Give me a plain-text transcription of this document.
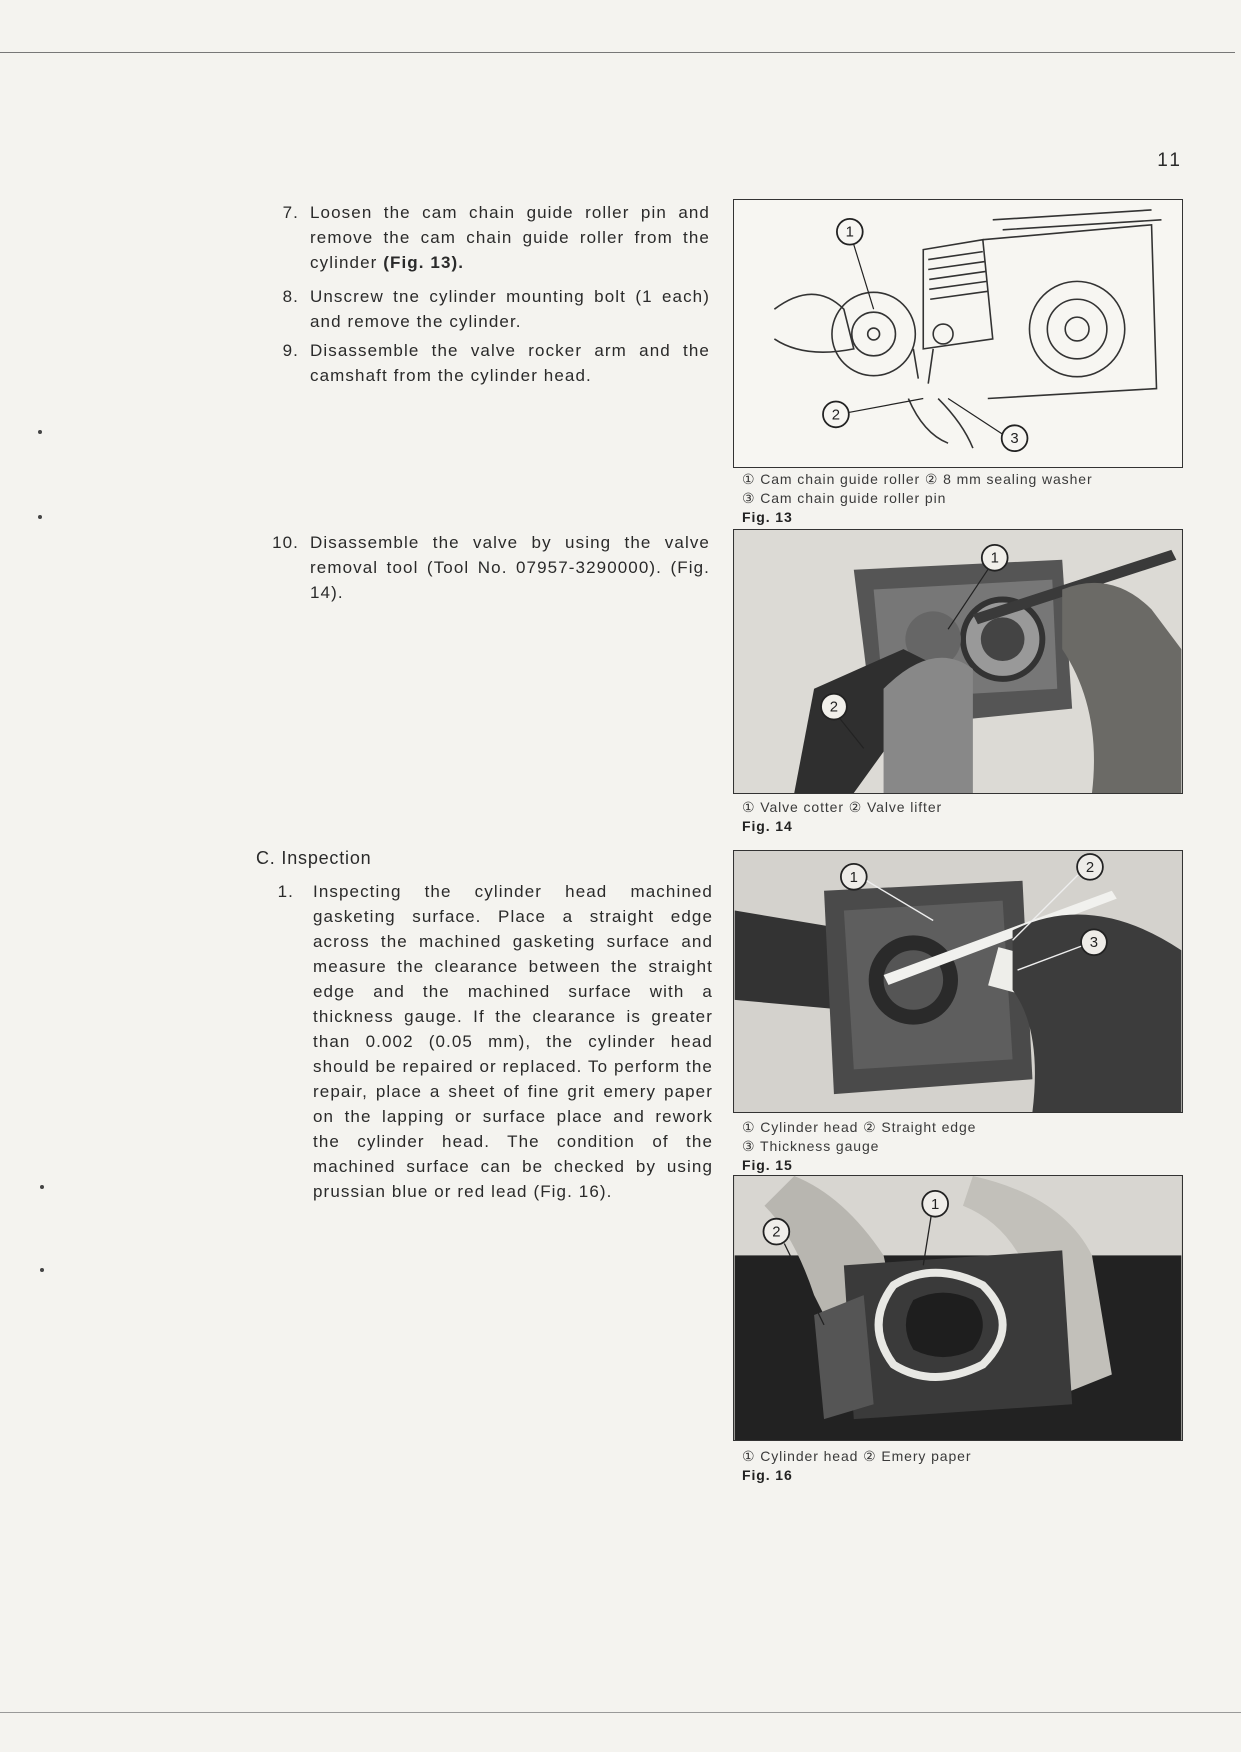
11
7. Loosen the cam chain guide roller pin and remove the cam chain guide roller from the cylinder (Fig. 13).
8. Unscrew tne cylinder mounting bolt (1 each) and remove the cylinder.
9. Disassemble the valve rocker arm and the camshaft from the cylinder head.
10. Disassemble the valve by using the valve removal tool (Tool No. 07957-3290000). (Fig. 14).
C. Inspection
1. Inspecting the cylinder head machined gasketing surface. Place a straight edge across the machined gasketing surface and measure the clearance between the straight edge and the machined surface with a thickness gauge. If the clearance is greater than 0.002 (0.05 mm), the cylinder head should be repaired or replaced. To perform the repair, place a sheet of fine grit emery paper on the lapping or surface place and rework the cylinder head. The condition of the machined surface can be checked by using prussian blue or red lead (Fig. 16).
1
2
3
① Cam chain guide roller ② 8 mm sealing washer
③ Cam chain guide roller pin
Fig. 13
1
2
① Valve cotter ② Valve lifter
Fig. 14
1
2
3
① Cylinder head ② Straight edge
③ Thickness gauge
Fig. 15
1
2
① Cylinder head ② Emery paper
Fig. 16
